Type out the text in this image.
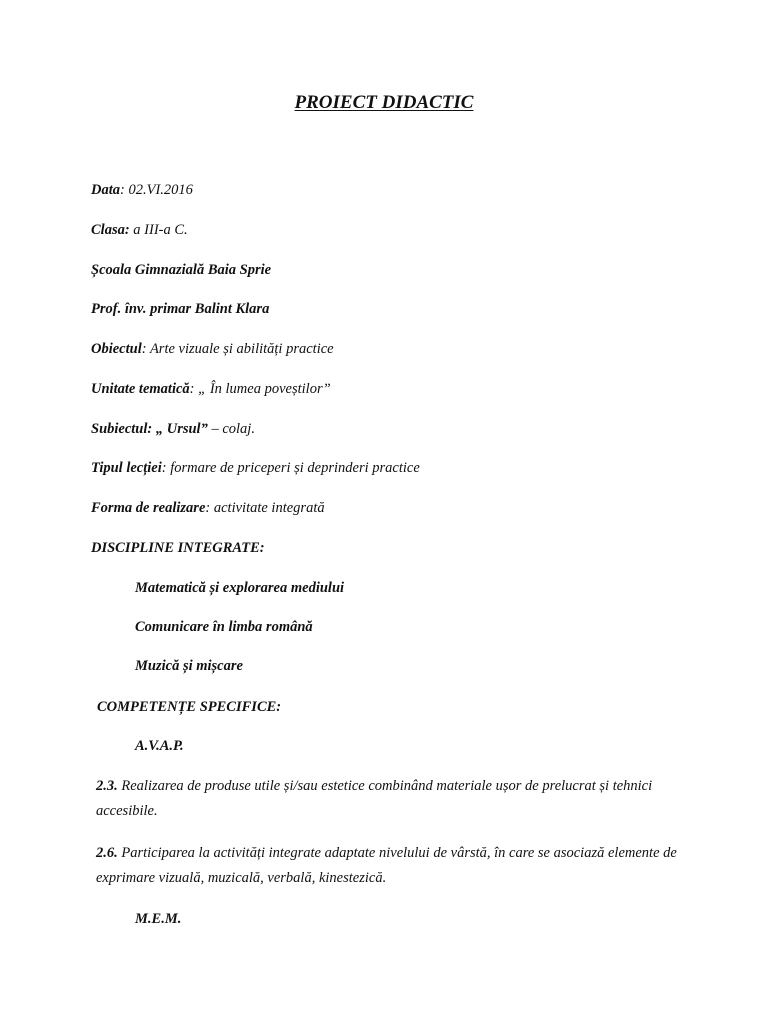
PROIECT DIDACTIC
Data: 02.VI.2016
Clasa: a III-a C.
Școala Gimnazială Baia Sprie
Prof. înv. primar Balint Klara
Obiectul: Arte vizuale și abilități practice
Unitate tematică: „ În lumea poveștilor”
Subiectul: „ Ursul” – colaj.
Tipul lecției: formare de priceperi și deprinderi practice
Forma de realizare: activitate integrată
DISCIPLINE INTEGRATE:
Matematică și explorarea mediului
Comunicare în limba română
Muzică și mișcare
COMPETENȚE SPECIFICE:
A.V.A.P.
2.3. Realizarea de produse utile și/sau estetice combinând materiale ușor de prelucrat și tehnici accesibile.
2.6. Participarea la activități integrate adaptate nivelului de vârstă, în care se asociază elemente de exprimare vizuală, muzicală, verbală, kinestezică.
M.E.M.
